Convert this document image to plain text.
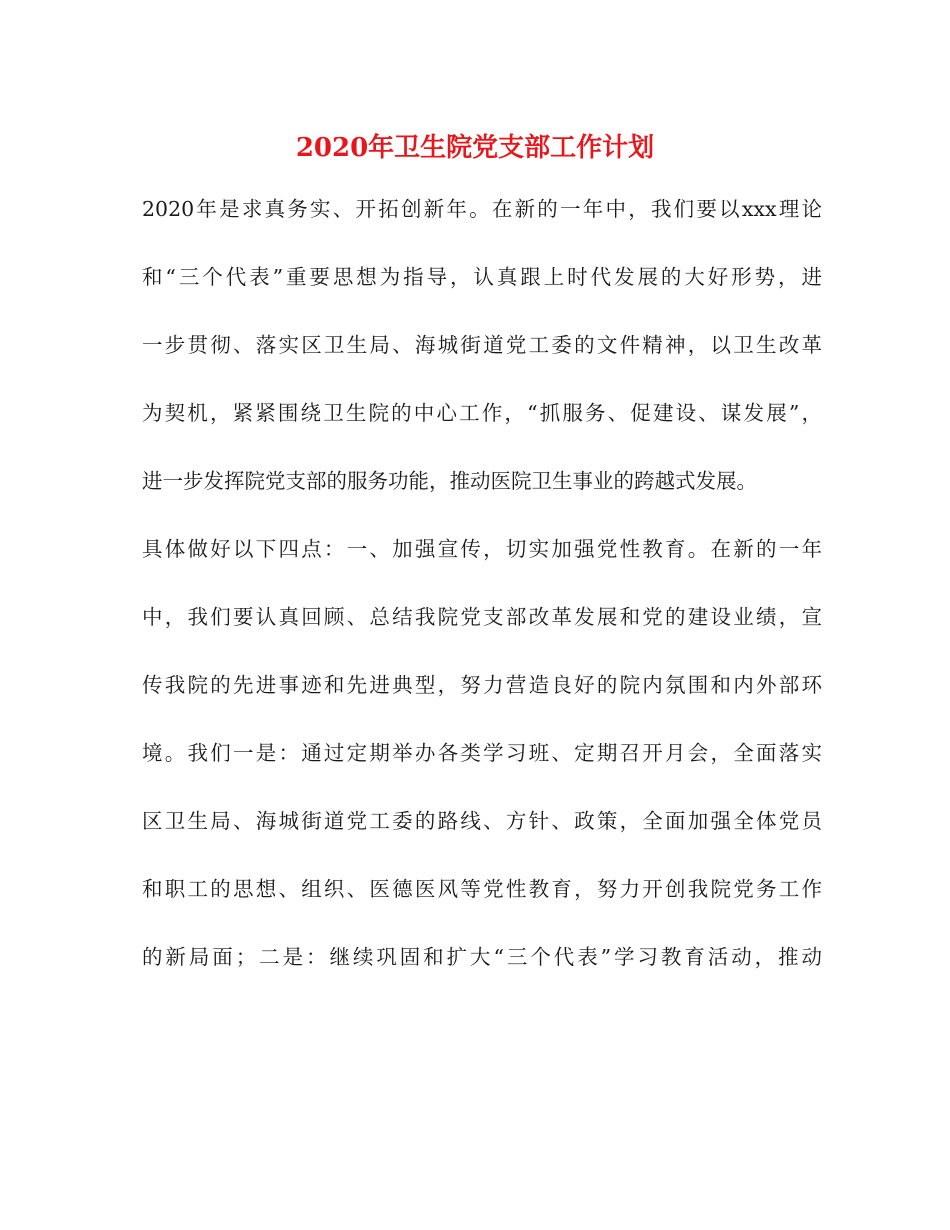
2020年卫生院党支部工作计划
2020年是求真务实、开拓创新年。在新的一年中，我们要以xxx理论
和“三个代表”重要思想为指导，认真跟上时代发展的大好形势，进
一步贯彻、落实区卫生局、海城街道党工委的文件精神，以卫生改革
为契机，紧紧围绕卫生院的中心工作，“抓服务、促建设、谋发展”，
进一步发挥院党支部的服务功能，推动医院卫生事业的跨越式发展。
具体做好以下四点：一、加强宣传，切实加强党性教育。在新的一年
中，我们要认真回顾、总结我院党支部改革发展和党的建设业绩，宣
传我院的先进事迹和先进典型，努力营造良好的院内氛围和内外部环
境。我们一是：通过定期举办各类学习班、定期召开月会，全面落实
区卫生局、海城街道党工委的路线、方针、政策，全面加强全体党员
和职工的思想、组织、医德医风等党性教育，努力开创我院党务工作
的新局面；二是：继续巩固和扩大“三个代表”学习教育活动，推动
